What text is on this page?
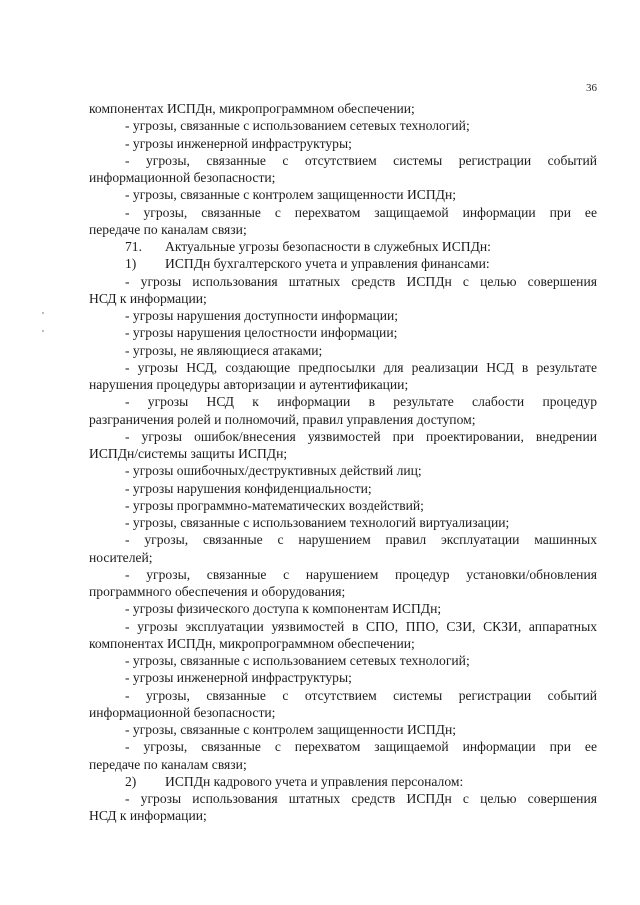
36
компонентах ИСПДн, микропрограммном обеспечении;
- угрозы, связанные с использованием сетевых технологий;
- угрозы инженерной инфраструктуры;
- угрозы, связанные с отсутствием системы регистрации событий
информационной безопасности;
- угрозы, связанные с контролем защищенности ИСПДн;
- угрозы, связанные с перехватом защищаемой информации при ее
передаче по каналам связи;
71. Актуальные угрозы безопасности в служебных ИСПДн:
1) ИСПДн бухгалтерского учета и управления финансами:
- угрозы использования штатных средств ИСПДн с целью совершения
НСД к информации;
- угрозы нарушения доступности информации;
- угрозы нарушения целостности информации;
- угрозы, не являющиеся атаками;
- угрозы НСД, создающие предпосылки для реализации НСД в результате
нарушения процедуры авторизации и аутентификации;
- угрозы НСД к информации в результате слабости процедур
разграничения ролей и полномочий, правил управления доступом;
- угрозы ошибок/внесения уязвимостей при проектировании, внедрении
ИСПДн/системы защиты ИСПДн;
- угрозы ошибочных/деструктивных действий лиц;
- угрозы нарушения конфиденциальности;
- угрозы программно-математических воздействий;
- угрозы, связанные с использованием технологий виртуализации;
- угрозы, связанные с нарушением правил эксплуатации машинных
носителей;
- угрозы, связанные с нарушением процедур установки/обновления
программного обеспечения и оборудования;
- угрозы физического доступа к компонентам ИСПДн;
- угрозы эксплуатации уязвимостей в СПО, ППО, СЗИ, СКЗИ, аппаратных
компонентах ИСПДн, микропрограммном обеспечении;
- угрозы, связанные с использованием сетевых технологий;
- угрозы инженерной инфраструктуры;
- угрозы, связанные с отсутствием системы регистрации событий
информационной безопасности;
- угрозы, связанные с контролем защищенности ИСПДн;
- угрозы, связанные с перехватом защищаемой информации при ее
передаче по каналам связи;
2) ИСПДн кадрового учета и управления персоналом:
- угрозы использования штатных средств ИСПДн с целью совершения
НСД к информации;
